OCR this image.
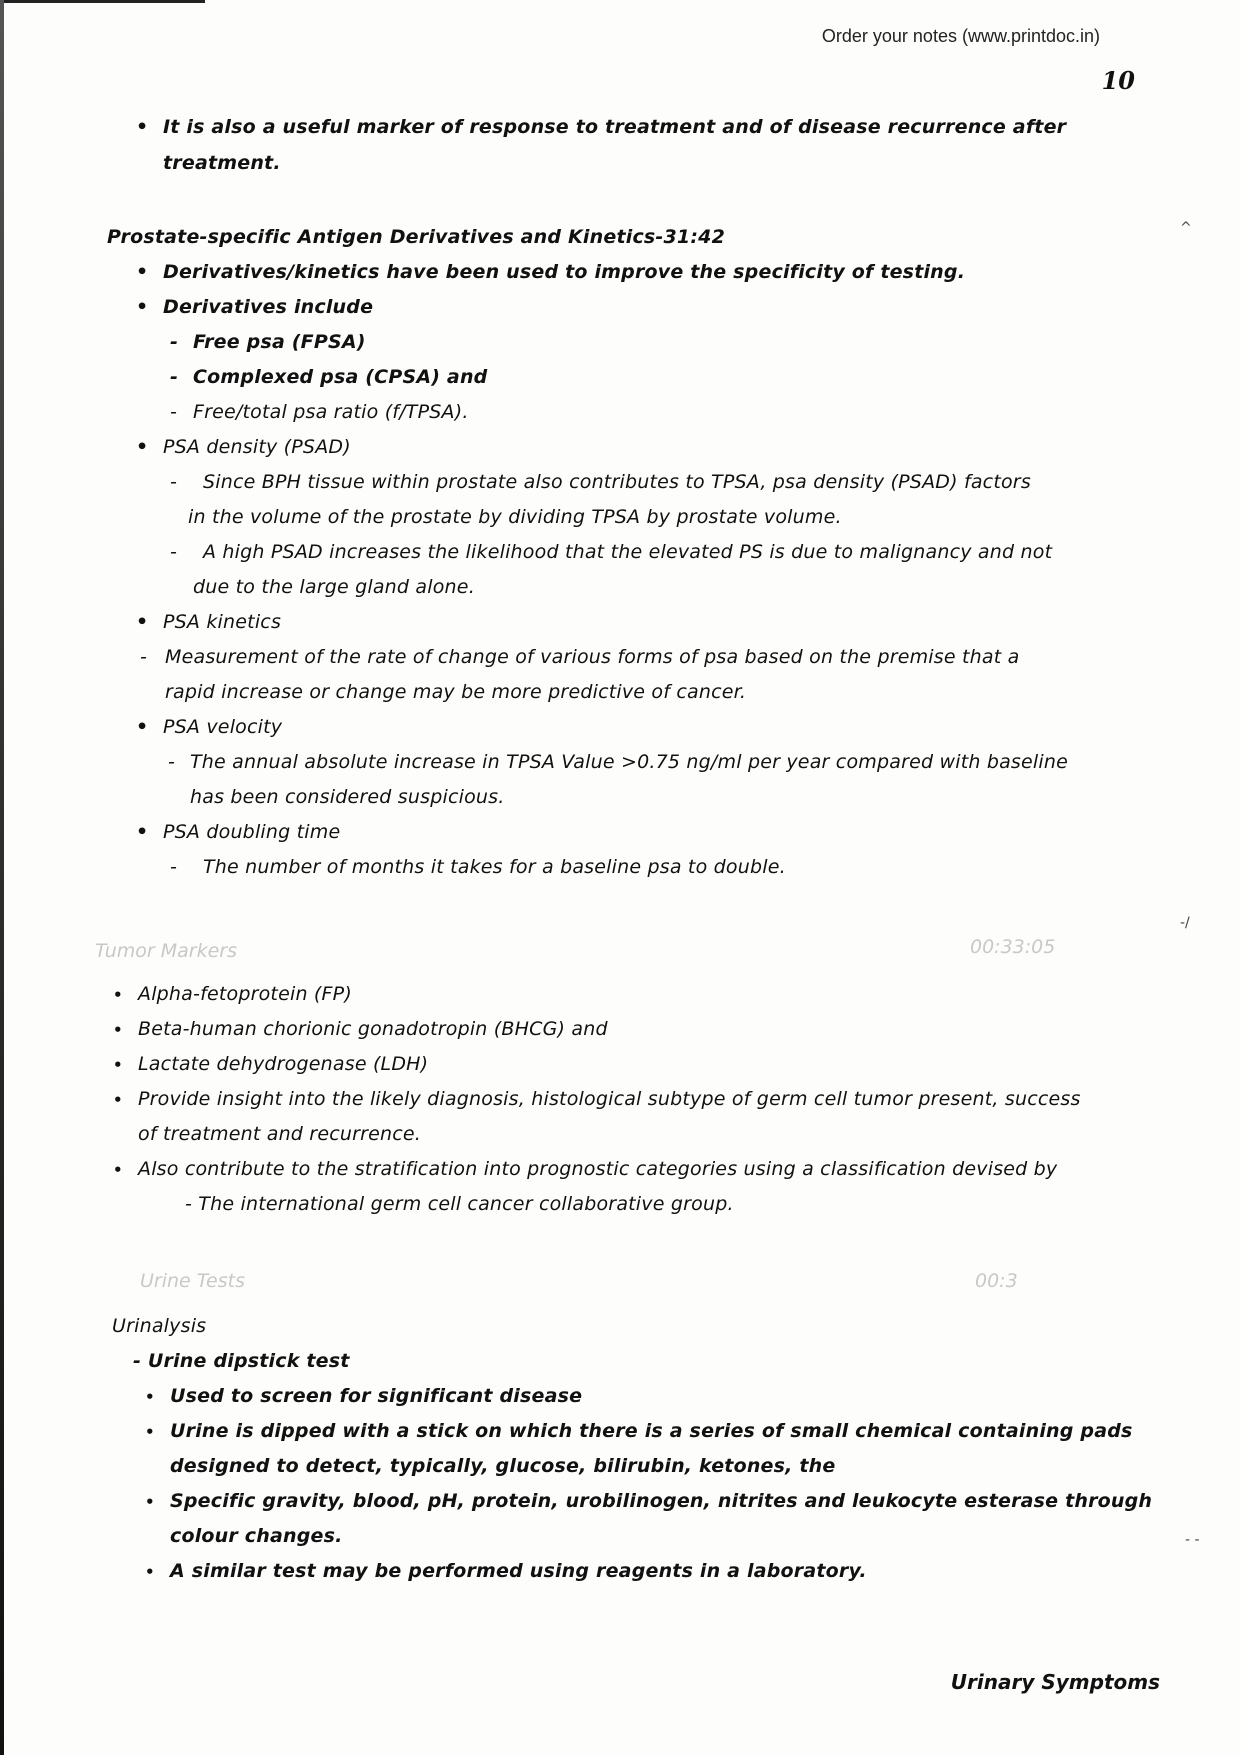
Order your notes (www.printdoc.in)
10
• It is also a useful marker of response to treatment and of disease recurrence after
treatment.
Prostate-specific Antigen Derivatives and Kinetics-31:42
• Derivatives/kinetics have been used to improve the specificity of testing.
• Derivatives include
- Free psa (FPSA)
- Complexed psa (CPSA) and
- Free/total psa ratio (f/TPSA).
• PSA density (PSAD)
- Since BPH tissue within prostate also contributes to TPSA, psa density (PSAD) factors
in the volume of the prostate by dividing TPSA by prostate volume.
- A high PSAD increases the likelihood that the elevated PS is due to malignancy and not
due to the large gland alone.
• PSA kinetics
- Measurement of the rate of change of various forms of psa based on the premise that a
rapid increase or change may be more predictive of cancer.
• PSA velocity
- The annual absolute increase in TPSA Value >0.75 ng/ml per year compared with baseline
has been considered suspicious.
• PSA doubling time
- The number of months it takes for a baseline psa to double.
Tumor Markers	00:33:05
• Alpha-fetoprotein (FP)
• Beta-human chorionic gonadotropin (BHCG) and
• Lactate dehydrogenase (LDH)
• Provide insight into the likely diagnosis, histological subtype of germ cell tumor present, success
of treatment and recurrence.
• Also contribute to the stratification into prognostic categories using a classification devised by
- The international germ cell cancer collaborative group.
Urine Tests	00:3
Urinalysis
- Urine dipstick test
• Used to screen for significant disease
• Urine is dipped with a stick on which there is a series of small chemical containing pads
designed to detect, typically, glucose, bilirubin, ketones, the
• Specific gravity, blood, pH, protein, urobilinogen, nitrites and leukocyte esterase through
colour changes.
• A similar test may be performed using reagents in a laboratory.
Urinary Symptoms
^
-/
- -
